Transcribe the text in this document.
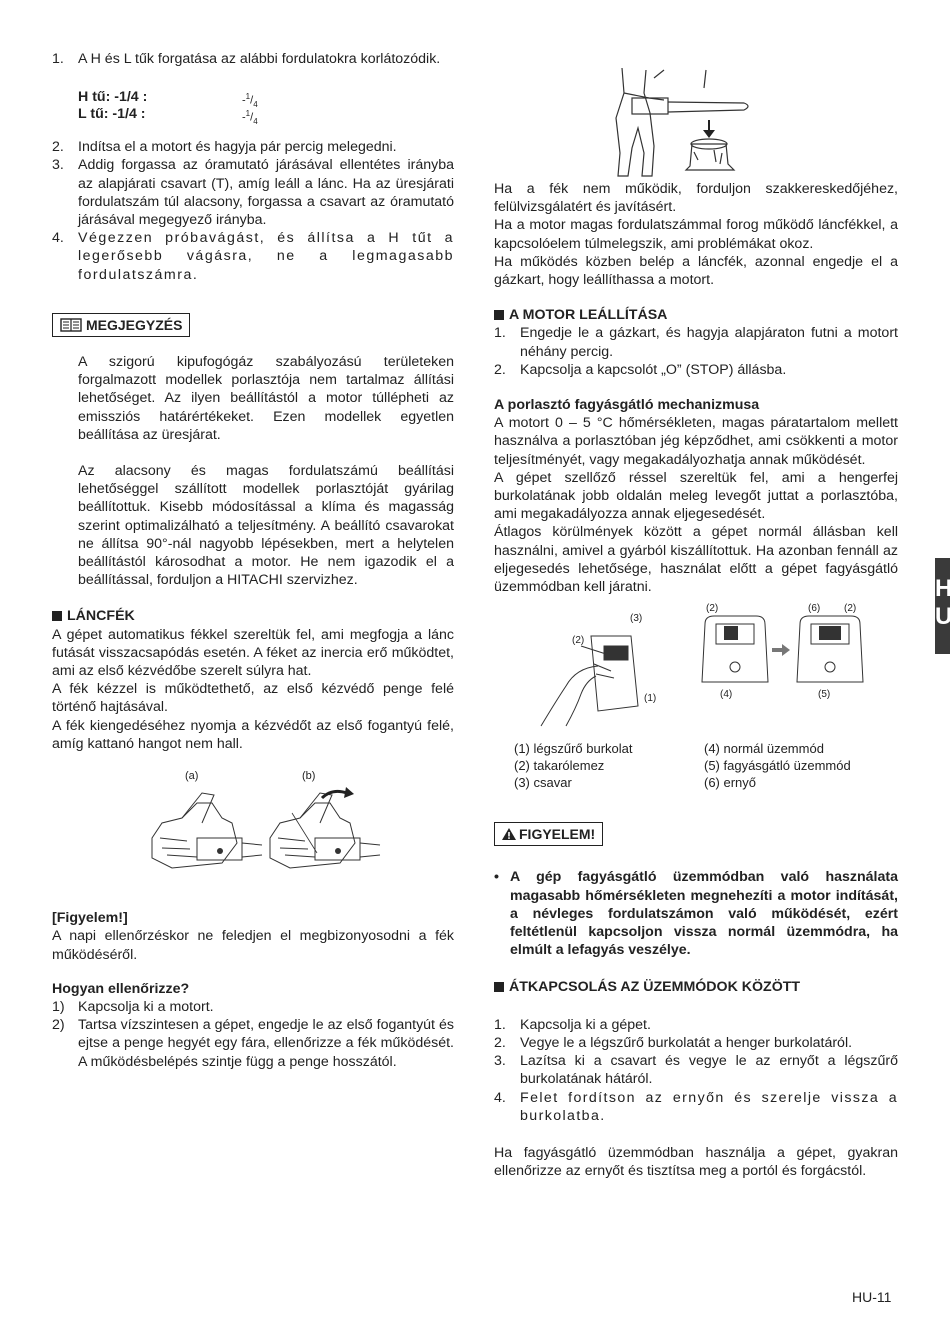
1. A H és L tűk forgatása az alábbi fordulatokra korlátozódik.
H tű: -1/4 :	$-^1/_4$
L tű: -1/4 :	$-^1/_4$
2. Indítsa el a motort és hagyja pár percig melegedni.
3. Addig forgassa az óramutató járásával ellentétes irányba az alapjárati csavart (T), amíg leáll a lánc. Ha az üresjárati fordulatszám túl alacsony, forgassa a csavart az óramutató járásával megegyező irányba.
4. Végezzen próbavágást, és állítsa a H tűt a legerősebb vágásra, ne a legmagasabb fordulatszámra.
MEGJEGYZÉS

A szigorú kipufogógáz szabályozású területeken forgalmazott modellek porlasztója nem tartalmaz állítási lehetőséget. Az ilyen beállítástól a motor túllépheti az emissziós határértékeket. Ezen modellek egyetlen beállítása az üresjárat.

Az alacsony és magas fordulatszámú beállítási lehetőséggel szállított modellek porlasztóját gyárilag beállítottuk. Kisebb módosítással a klíma és magasság szerint optimalizálható a teljesítmény. A beállító csavarokat ne állítsa 90°-nál nagyobb lépésekben, mert a helytelen beállítástól károsodhat a motor. He nem igazodik el a beállítással, forduljon a HITACHI szervizhez.

LÁNCFÉK

A gépet automatikus fékkel szereltük fel, ami megfogja a lánc futását visszacsapódás esetén. A féket az inercia erő működtet, ami az első kézvédőbe szerelt súlyra hat.

A fék kézzel is működtethető, az első kézvédő penge felé történő hajtásával.

A fék kiengedéséhez nyomja a kézvédőt az első fogantyú felé, amíg kattanó hangot nem hall.

(a)	(b)

[Figyelem!]

A napi ellenőrzéskor ne feledjen el megbizonyosodni a fék működéséről.

Hogyan ellenőrizze?

1) Kapcsolja ki a motort.
2) Tartsa vízszintesen a gépet, engedje le az első fogantyút és ejtse a penge hegyét egy fára, ellenőrizze a fék működését. A működésbelépés szintje függ a penge hosszától.

Ha a fék nem működik, forduljon szakkereskedőjéhez, felülvizsgálatért és javításért.

Ha a motor magas fordulatszámmal forog működő láncfékkel, a kapcsolóelem túlmelegszik, ami problémákat okoz.

Ha működés közben belép a láncfék, azonnal engedje el a gázkart, hogy leállíthassa a motort.

A MOTOR LEÁLLÍTÁSA

1. Engedje le a gázkart, és hagyja alapjáraton futni a motort néhány percig.
2. Kapcsolja a kapcsolót „O” (STOP) állásba.

A porlasztó fagyásgátló mechanizmusa

A motort 0 – 5 °C hőmérsékleten, magas páratartalom mellett használva a porlasztóban jég képződhet, ami csökkenti a motor teljesítményét, vagy megakadályozhatja annak működését.

A gépet szellőző réssel szereltük fel, ami a hengerfej burkolatának jobb oldalán meleg levegőt juttat a porlasztóba, ami megakadályozza annak eljegesedését.

Átlagos körülmények között a gépet normál állásban kell használni, amivel a gyárból kiszállítottuk. Ha azonban fennáll az eljegesedés lehetősége, használat előtt a gépet fagyásgátló üzemmódban kell járatni.

(2)
(3)
(1)
(2)	(6) (2)
(4)	(5)
(1) légszűrő burkolat
(2) takarólemez
(3) csavar
(4) normál üzemmód
(5) fagyásgátló üzemmód
(6) ernyő
FIGYELEM!
• A gép fagyásgátló üzemmódban való használata magasabb hőmérsékleten megnehezíti a motor indítását, a névleges fordulatszámon való működését, ezért feltétlenül kapcsoljon vissza normál üzemmódra, ha elmúlt a lefagyás veszélye.

ÁTKAPCSOLÁS AZ ÜZEMMÓDOK KÖZÖTT

1. Kapcsolja ki a gépet.
2. Vegye le a légszűrő burkolatát a henger burkolatáról.
3. Lazítsa ki a csavart és vegye le az ernyőt a légszűrő burkolatának hátáról.
4. Felet fordítson az ernyőn és szerelje vissza a burkolatba.

Ha fagyásgátló üzemmódban használja a gépet, gyakran ellenőrizze az ernyőt és tisztítsa meg a portól és forgácstól.

H
U
HU-11
